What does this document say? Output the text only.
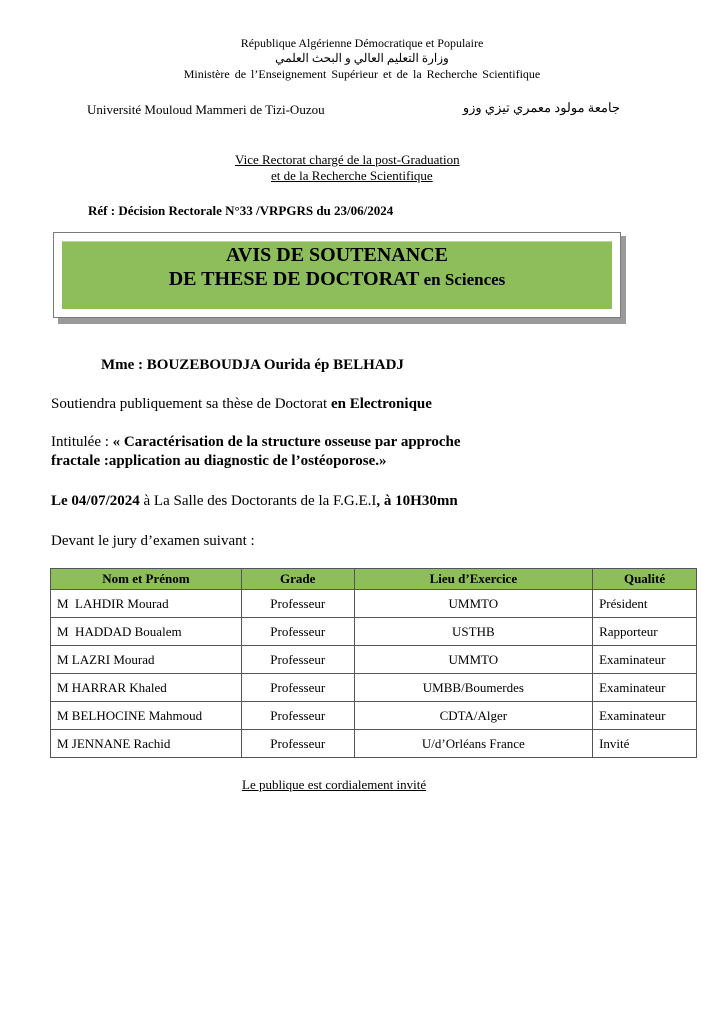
République Algérienne Démocratique et Populaire
وزارة التعليم العالي و البحث العلمي
Ministère de l’Enseignement Supérieur et de la Recherche Scientifique
Université Mouloud Mammeri de Tizi-Ouzou	جامعة مولود معمري تيزي وزو
Vice Rectorat chargé de la post-Graduation
et de la Recherche Scientifique
Réf : Décision Rectorale N°33 /VRPGRS du 23/06/2024
AVIS DE SOUTENANCE
DE THESE DE DOCTORAT en Sciences
Mme : BOUZEBOUDJA Ourida ép BELHADJ
Soutiendra publiquement sa thèse de Doctorat en Electronique
Intitulée : « Caractérisation de la structure osseuse par approche
fractale :application au diagnostic de l’ostéoporose.»
Le 04/07/2024 à La Salle des Doctorants de la F.G.E.I, à 10H30mn
Devant le jury d’examen suivant :
Nom et Prénom	Grade	Lieu d’Exercice	Qualité
M  LAHDIR Mourad	Professeur	UMMTO	Président
M  HADDAD Boualem	Professeur	USTHB	Rapporteur
M LAZRI Mourad	Professeur	UMMTO	Examinateur
M HARRAR Khaled	Professeur	UMBB/Boumerdes	Examinateur
M BELHOCINE Mahmoud	Professeur	CDTA/Alger	Examinateur
M JENNANE Rachid	Professeur	U/d’Orléans France	Invité
Le publique est cordialement invité
